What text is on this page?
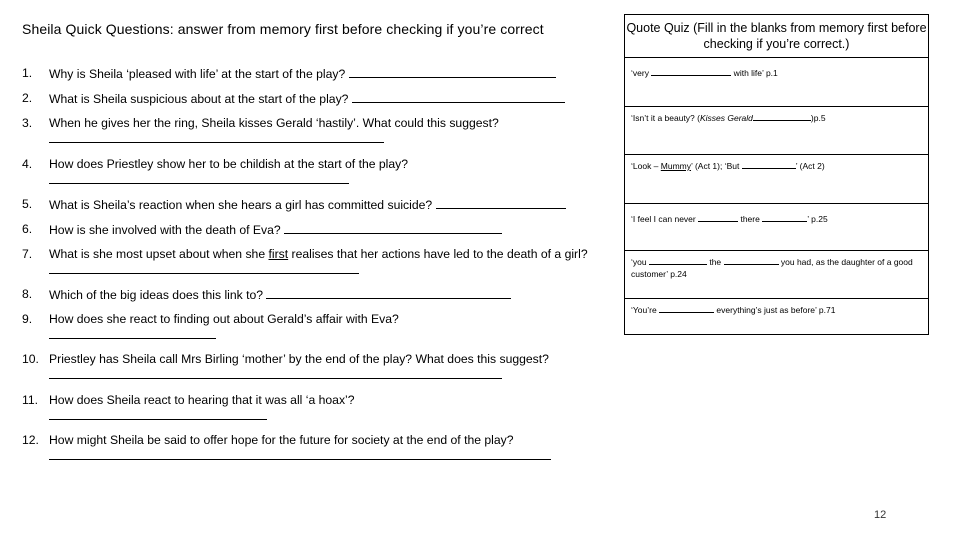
Sheila Quick Questions: answer from memory first before checking if you’re correct
1. Why is Sheila ‘pleased with life’ at the start of the play?
2. What is Sheila suspicious about at the start of the play?
3. When he gives her the ring, Sheila kisses Gerald ‘hastily’. What could this suggest?

4. How does Priestley show her to be childish at the start of the play?

5. What is Sheila’s reaction when she hears a girl has committed suicide?
6. How is she involved with the death of Eva?
7. What is she most upset about when she first realises that her actions have led to the death of a girl?
8. Which of the big ideas does this link to?
9. How does she react to finding out about Gerald’s affair with Eva?

10. Priestley has Sheila call Mrs Birling ‘mother’ by the end of the play? What does this suggest?

11. How does Sheila react to hearing that it was all ‘a hoax’?

12. How might Sheila be said to offer hope for the future for society at the end of the play?

Quote Quiz (Fill in the blanks from memory first before checking if you’re correct.)
‘very	with life’ p.1
‘Isn’t it a beauty? (Kisses Gerald	)p.5
‘Look – Mummy’ (Act 1); ‘But	’ (Act 2)
‘I feel I can never	there	’ p.25
‘you	the	you had, as the daughter of a good customer’ p.24
‘You’re	everything’s just as before’ p.71
12
